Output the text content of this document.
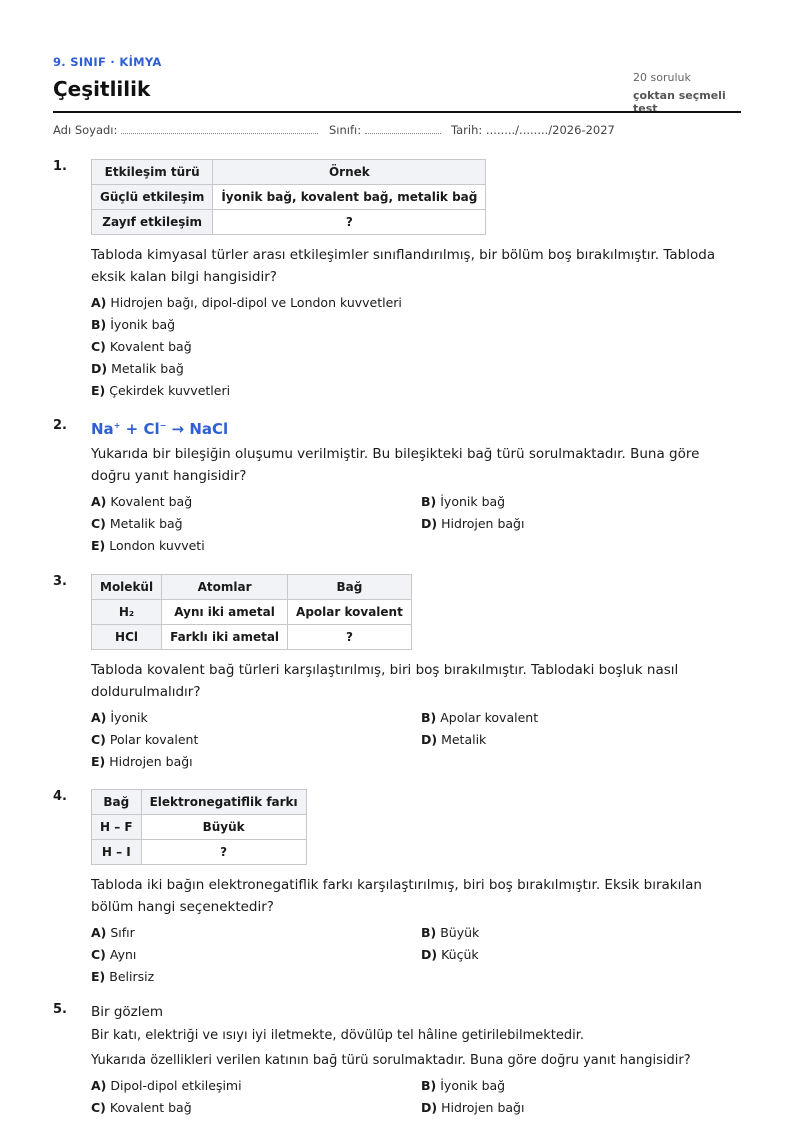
9. SINIF · KİMYA
Çeşitlilik	20 soruluk
çoktan seçmeli test
Adı Soyadı:	Sınıfı:	Tarih: ......../......../2026-2027
1.	Etkileşim türü	Örnek
Güçlü etkileşim	İyonik bağ, kovalent bağ, metalik bağ
Zayıf etkileşim	?
Tabloda kimyasal türler arası etkileşimler sınıflandırılmış, bir bölüm boş bırakılmıştır. Tabloda eksik kalan bilgi hangisidir?
A) Hidrojen bağı, dipol-dipol ve London kuvvetleri
B) İyonik bağ
C) Kovalent bağ
D) Metalik bağ
E) Çekirdek kuvvetleri
2. Na+ + Cl− → NaCl
Yukarıda bir bileşiğin oluşumu verilmiştir. Bu bileşikteki bağ türü sorulmaktadır. Buna göre doğru yanıt hangisidir?
A) Kovalent bağ	B) İyonik bağ
C) Metalik bağ	D) Hidrojen bağı
E) London kuvveti
3.	Molekül	Atomlar	Bağ
H₂	Aynı iki ametal	Apolar kovalent
HCl	Farklı iki ametal	?
Tabloda kovalent bağ türleri karşılaştırılmış, biri boş bırakılmıştır. Tablodaki boşluk nasıl doldurulmalıdır?
A) İyonik	B) Apolar kovalent
C) Polar kovalent	D) Metalik
E) Hidrojen bağı
4.	Bağ	Elektronegatiflik farkı
H – F	Büyük
H – I	?
Tabloda iki bağın elektronegatiflik farkı karşılaştırılmış, biri boş bırakılmıştır. Eksik bırakılan bölüm hangi seçenektedir?
A) Sıfır	B) Büyük
C) Aynı	D) Küçük
E) Belirsiz
5. Bir gözlem
Bir katı, elektriği ve ısıyı iyi iletmekte, dövülüp tel hâline getirilebilmektedir.
Yukarıda özellikleri verilen katının bağ türü sorulmaktadır. Buna göre doğru yanıt hangisidir?
A) Dipol-dipol etkileşimi	B) İyonik bağ
C) Kovalent bağ	D) Hidrojen bağı
